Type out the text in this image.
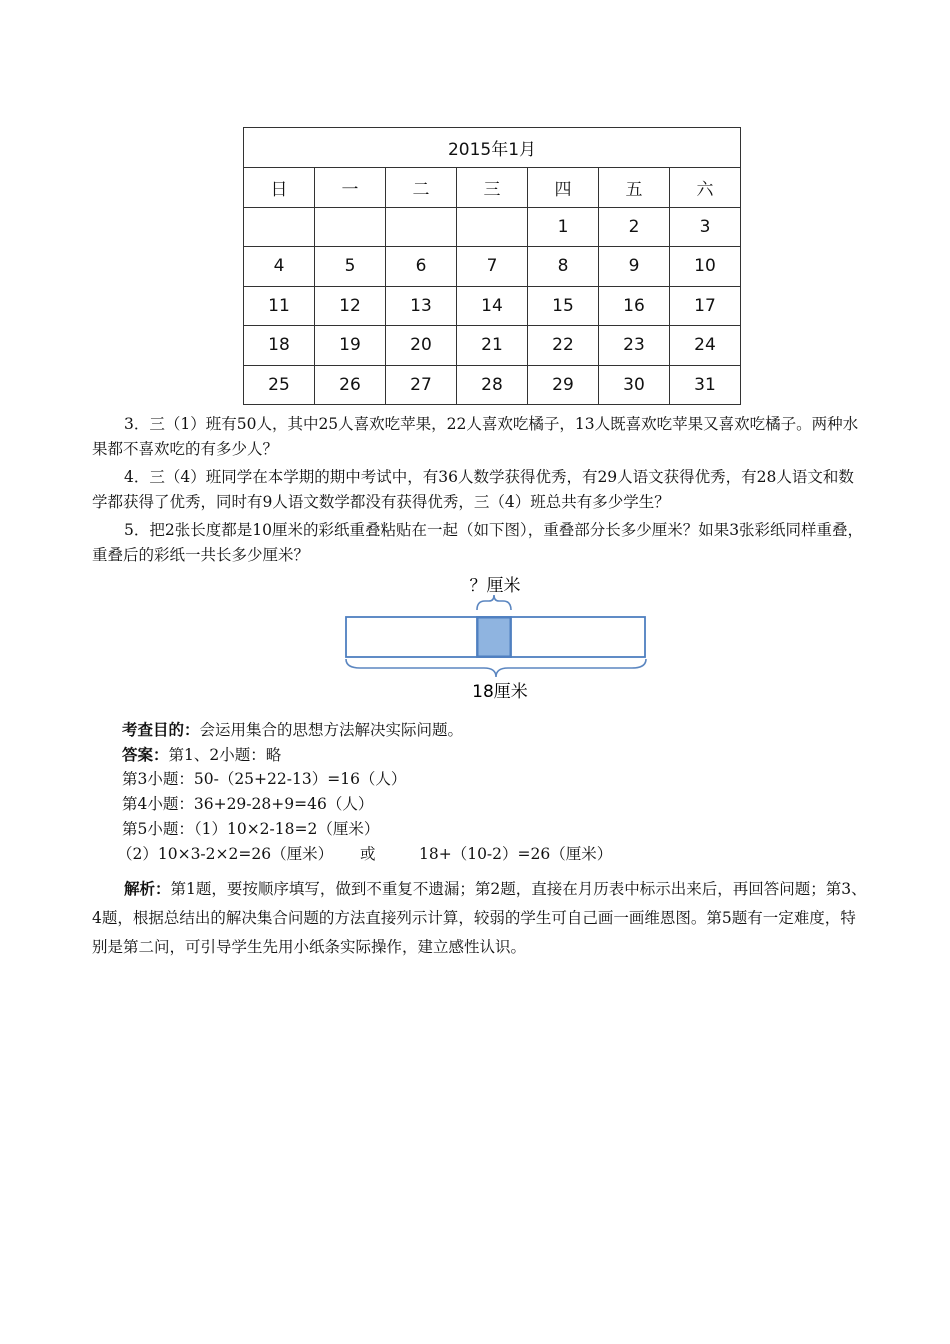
2015年1月						
日	一	二	三	四	五	六
				1	2	3
4	5	6	7	8	9	10
11	12	13	14	15	16	17
18	19	20	21	22	23	24
25	26	27	28	29	30	31

3．三（1）班有50人，其中25人喜欢吃苹果，22人喜欢吃橘子，13人既喜欢吃苹果又喜欢吃橘子。两种水果都不喜欢吃的有多少人？

4．三（4）班同学在本学期的期中考试中，有36人数学获得优秀，有29人语文获得优秀，有28人语文和数学都获得了优秀，同时有9人语文数学都没有获得优秀，三（4）班总共有多少学生？

5．把2张长度都是10厘米的彩纸重叠粘贴在一起（如下图），重叠部分长多少厘米？如果3张彩纸同样重叠，重叠后的彩纸一共长多少厘米？

？厘米
18厘米
考查目的：会运用集合的思想方法解决实际问题。
答案：第1、2小题：略
第3小题：50-（25+22-13）=16（人）
第4小题：36+29-28+9=46（人）
第5小题：（1）10×2-18=2（厘米）
（2）10×3-2×2=26（厘米） 或	18+（10-2）=26（厘米）

解析：第1题，要按顺序填写，做到不重复不遗漏；第2题，直接在月历表中标示出来后，再回答问题；第3、4题，根据总结出的解决集合问题的方法直接列示计算，较弱的学生可自己画一画维恩图。第5题有一定难度，特别是第二问，可引导学生先用小纸条实际操作，建立感性认识。
